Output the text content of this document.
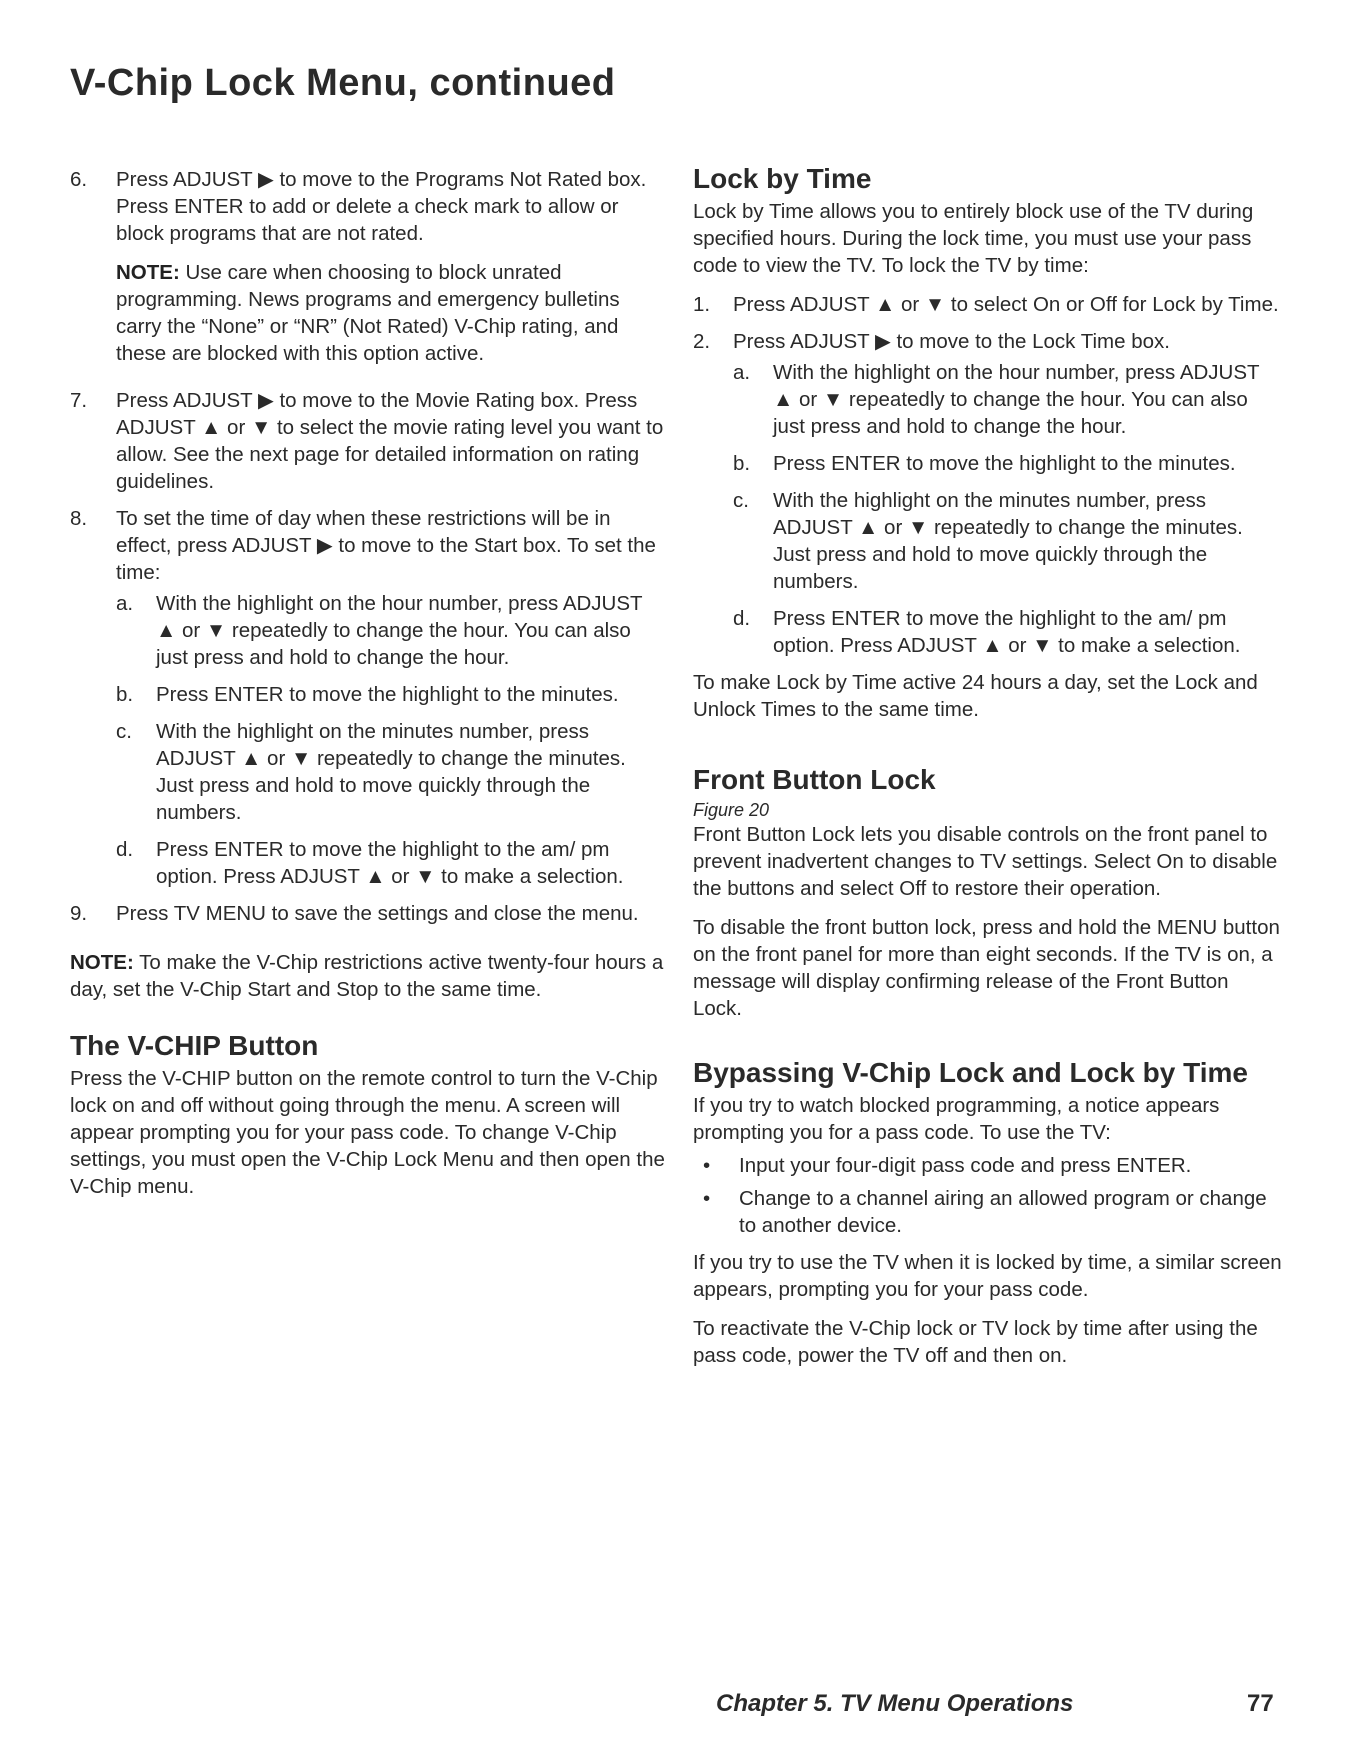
V-Chip Lock Menu, continued
6. Press ADJUST ▶ to move to the Programs Not Rated box. Press ENTER to add or delete a check mark to allow or block programs that are not rated.
NOTE: Use care when choosing to block unrated programming. News programs and emergency bulletins carry the “None” or “NR” (Not Rated) V-Chip rating, and these are blocked with this option active.
7. Press ADJUST ▶ to move to the Movie Rating box. Press ADJUST ▲ or ▼ to select the movie rating level you want to allow. See the next page for detailed information on rating guidelines.
8. To set the time of day when these restrictions will be in effect, press ADJUST ▶ to move to the Start box. To set the time:
a. With the highlight on the hour number, press ADJUST ▲ or ▼ repeatedly to change the hour. You can also just press and hold to change the hour.
b. Press ENTER to move the highlight to the minutes.
c. With the highlight on the minutes number, press ADJUST ▲ or ▼ repeatedly to change the minutes. Just press and hold to move quickly through the numbers.
d. Press ENTER to move the highlight to the am/ pm option. Press ADJUST ▲ or ▼ to make a selection.
9. Press TV MENU to save the settings and close the menu.
NOTE: To make the V-Chip restrictions active twenty-four hours a day, set the V-Chip Start and Stop to the same time.
The V-CHIP Button

Press the V-CHIP button on the remote control to turn the V-Chip lock on and off without going through the menu. A screen will appear prompting you for your pass code. To change V-Chip settings, you must open the V-Chip Lock Menu and then open the V-Chip menu.

Lock by Time

Lock by Time allows you to entirely block use of the TV during specified hours. During the lock time, you must use your pass code to view the TV. To lock the TV by time:

1. Press ADJUST ▲ or ▼ to select On or Off for Lock by Time.
2. Press ADJUST ▶ to move to the Lock Time box.
a. With the highlight on the hour number, press ADJUST ▲ or ▼ repeatedly to change the hour. You can also just press and hold to change the hour.
b. Press ENTER to move the highlight to the minutes.
c. With the highlight on the minutes number, press ADJUST ▲ or ▼ repeatedly to change the minutes. Just press and hold to move quickly through the numbers.
d. Press ENTER to move the highlight to the am/ pm option. Press ADJUST ▲ or ▼ to make a selection.

To make Lock by Time active 24 hours a day, set the Lock and Unlock Times to the same time.

Front Button Lock

Figure 20

Front Button Lock lets you disable controls on the front panel to prevent inadvertent changes to TV settings. Select On to disable the buttons and select Off to restore their operation.

To disable the front button lock, press and hold the MENU button on the front panel for more than eight seconds. If the TV is on, a message will display confirming release of the Front Button Lock.

Bypassing V-Chip Lock and Lock by Time

If you try to watch blocked programming, a notice appears prompting you for a pass code. To use the TV:

• Input your four-digit pass code and press ENTER.
• Change to a channel airing an allowed program or change to another device.

If you try to use the TV when it is locked by time, a similar screen appears, prompting you for your pass code.

To reactivate the V-Chip lock or TV lock by time after using the pass code, power the TV off and then on.

Chapter 5. TV Menu Operations	77
